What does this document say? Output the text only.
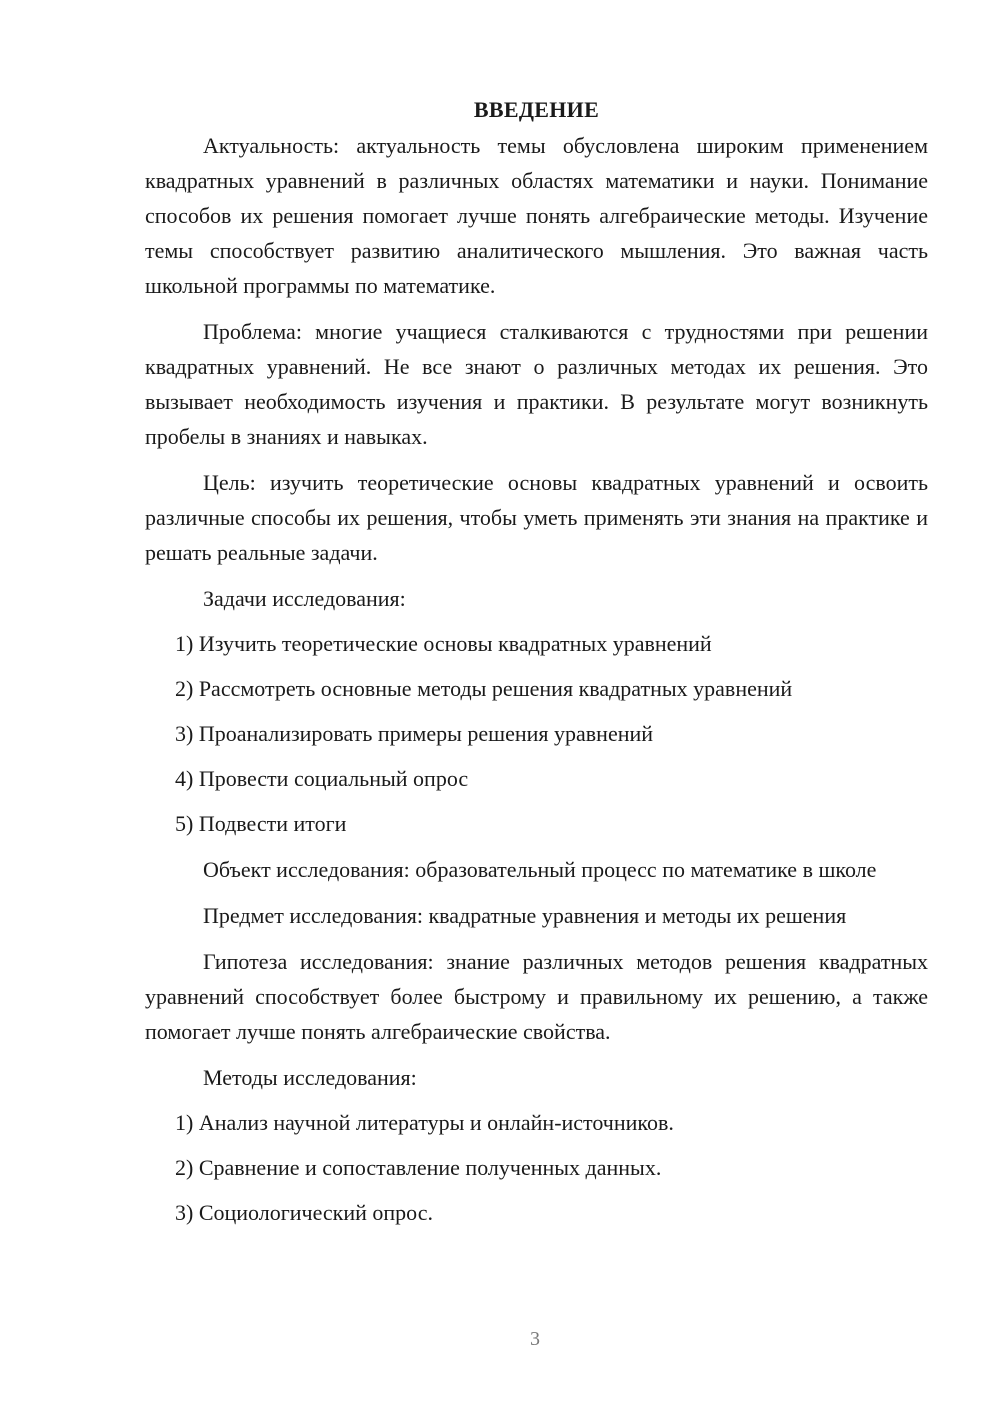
ВВЕДЕНИЕ

Актуальность: актуальность темы обусловлена широким применением квадратных уравнений в различных областях математики и науки. Понимание способов их решения помогает лучше понять алгебраические методы. Изучение темы способствует развитию аналитического мышления. Это важная часть школьной программы по математике.

Проблема: многие учащиеся сталкиваются с трудностями при решении квадратных уравнений. Не все знают о различных методах их решения. Это вызывает необходимость изучения и практики. В результате могут возникнуть пробелы в знаниях и навыках.

Цель: изучить теоретические основы квадратных уравнений и освоить различные способы их решения, чтобы уметь применять эти знания на практике и решать реальные задачи.

Задачи исследования:

1) Изучить теоретические основы квадратных уравнений
2) Рассмотреть основные методы решения квадратных уравнений
3) Проанализировать примеры решения уравнений
4) Провести социальный опрос
5) Подвести итоги

Объект исследования: образовательный процесс по математике в школе

Предмет исследования: квадратные уравнения и методы их решения

Гипотеза исследования: знание различных методов решения квадратных уравнений способствует более быстрому и правильному их решению, а также помогает лучше понять алгебраические свойства.

Методы исследования:

1) Анализ научной литературы и онлайн-источников.
2) Сравнение и сопоставление полученных данных.
3) Социологический опрос.
3
